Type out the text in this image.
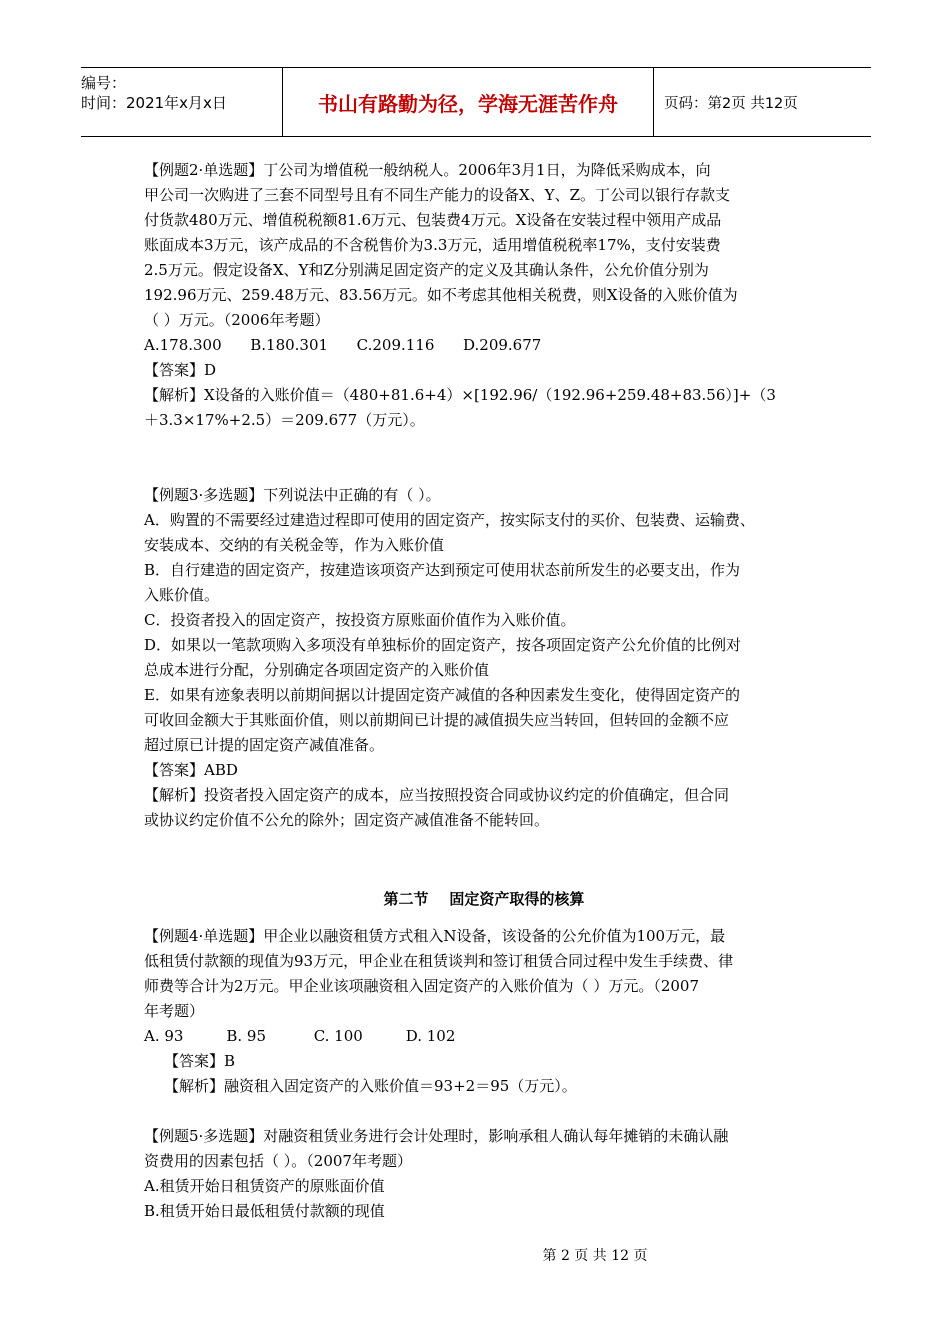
编号：
时间：2021年x月x日	书山有路勤为径，学海无涯苦作舟	页码：第2页 共12页

【例题2·单选题】丁公司为增值税一般纳税人。2006年3月1日，为降低采购成本，向

甲公司一次购进了三套不同型号且有不同生产能力的设备X、Y、Z。丁公司以银行存款支

付货款480万元、增值税税额81.6万元、包装费4万元。X设备在安装过程中领用产成品

账面成本3万元，该产成品的不含税售价为3.3万元，适用增值税税率17%，支付安装费

2.5万元。假定设备X、Y和Z分别满足固定资产的定义及其确认条件，公允价值分别为

192.96万元、259.48万元、83.56万元。如不考虑其他相关税费，则X设备的入账价值为

（ ）万元。（2006年考题）

A.178.300      B.180.301      C.209.116      D.209.677

【答案】D

【解析】X设备的入账价值＝（480+81.6+4）×[192.96/（192.96+259.48+83.56）]+（3

＋3.3×17%+2.5）＝209.677（万元）。

【例题3·多选题】下列说法中正确的有（ ）。

A．购置的不需要经过建造过程即可使用的固定资产，按实际支付的买价、包装费、运输费、

安装成本、交纳的有关税金等，作为入账价值

B．自行建造的固定资产，按建造该项资产达到预定可使用状态前所发生的必要支出，作为

入账价值。

C．投资者投入的固定资产，按投资方原账面价值作为入账价值。

D．如果以一笔款项购入多项没有单独标价的固定资产，按各项固定资产公允价值的比例对

总成本进行分配，分别确定各项固定资产的入账价值

E．如果有迹象表明以前期间据以计提固定资产减值的各种因素发生变化，使得固定资产的

可收回金额大于其账面价值，则以前期间已计提的减值损失应当转回，但转回的金额不应

超过原已计提的固定资产减值准备。

【答案】ABD

【解析】投资者投入固定资产的成本，应当按照投资合同或协议约定的价值确定，但合同

或协议约定价值不公允的除外；固定资产减值准备不能转回。

第二节    固定资产取得的核算

【例题4·单选题】甲企业以融资租赁方式租入N设备，该设备的公允价值为100万元，最

低租赁付款额的现值为93万元，甲企业在租赁谈判和签订租赁合同过程中发生手续费、律

师费等合计为2万元。甲企业该项融资租入固定资产的入账价值为（ ）万元。（2007

年考题）

A. 93         B. 95          C. 100         D. 102

【答案】B

【解析】融资租入固定资产的入账价值＝93+2＝95（万元）。

【例题5·多选题】对融资租赁业务进行会计处理时，影响承租人确认每年摊销的未确认融

资费用的因素包括（ ）。（2007年考题）

A.租赁开始日租赁资产的原账面价值

B.租赁开始日最低租赁付款额的现值

第 2 页 共 12 页
